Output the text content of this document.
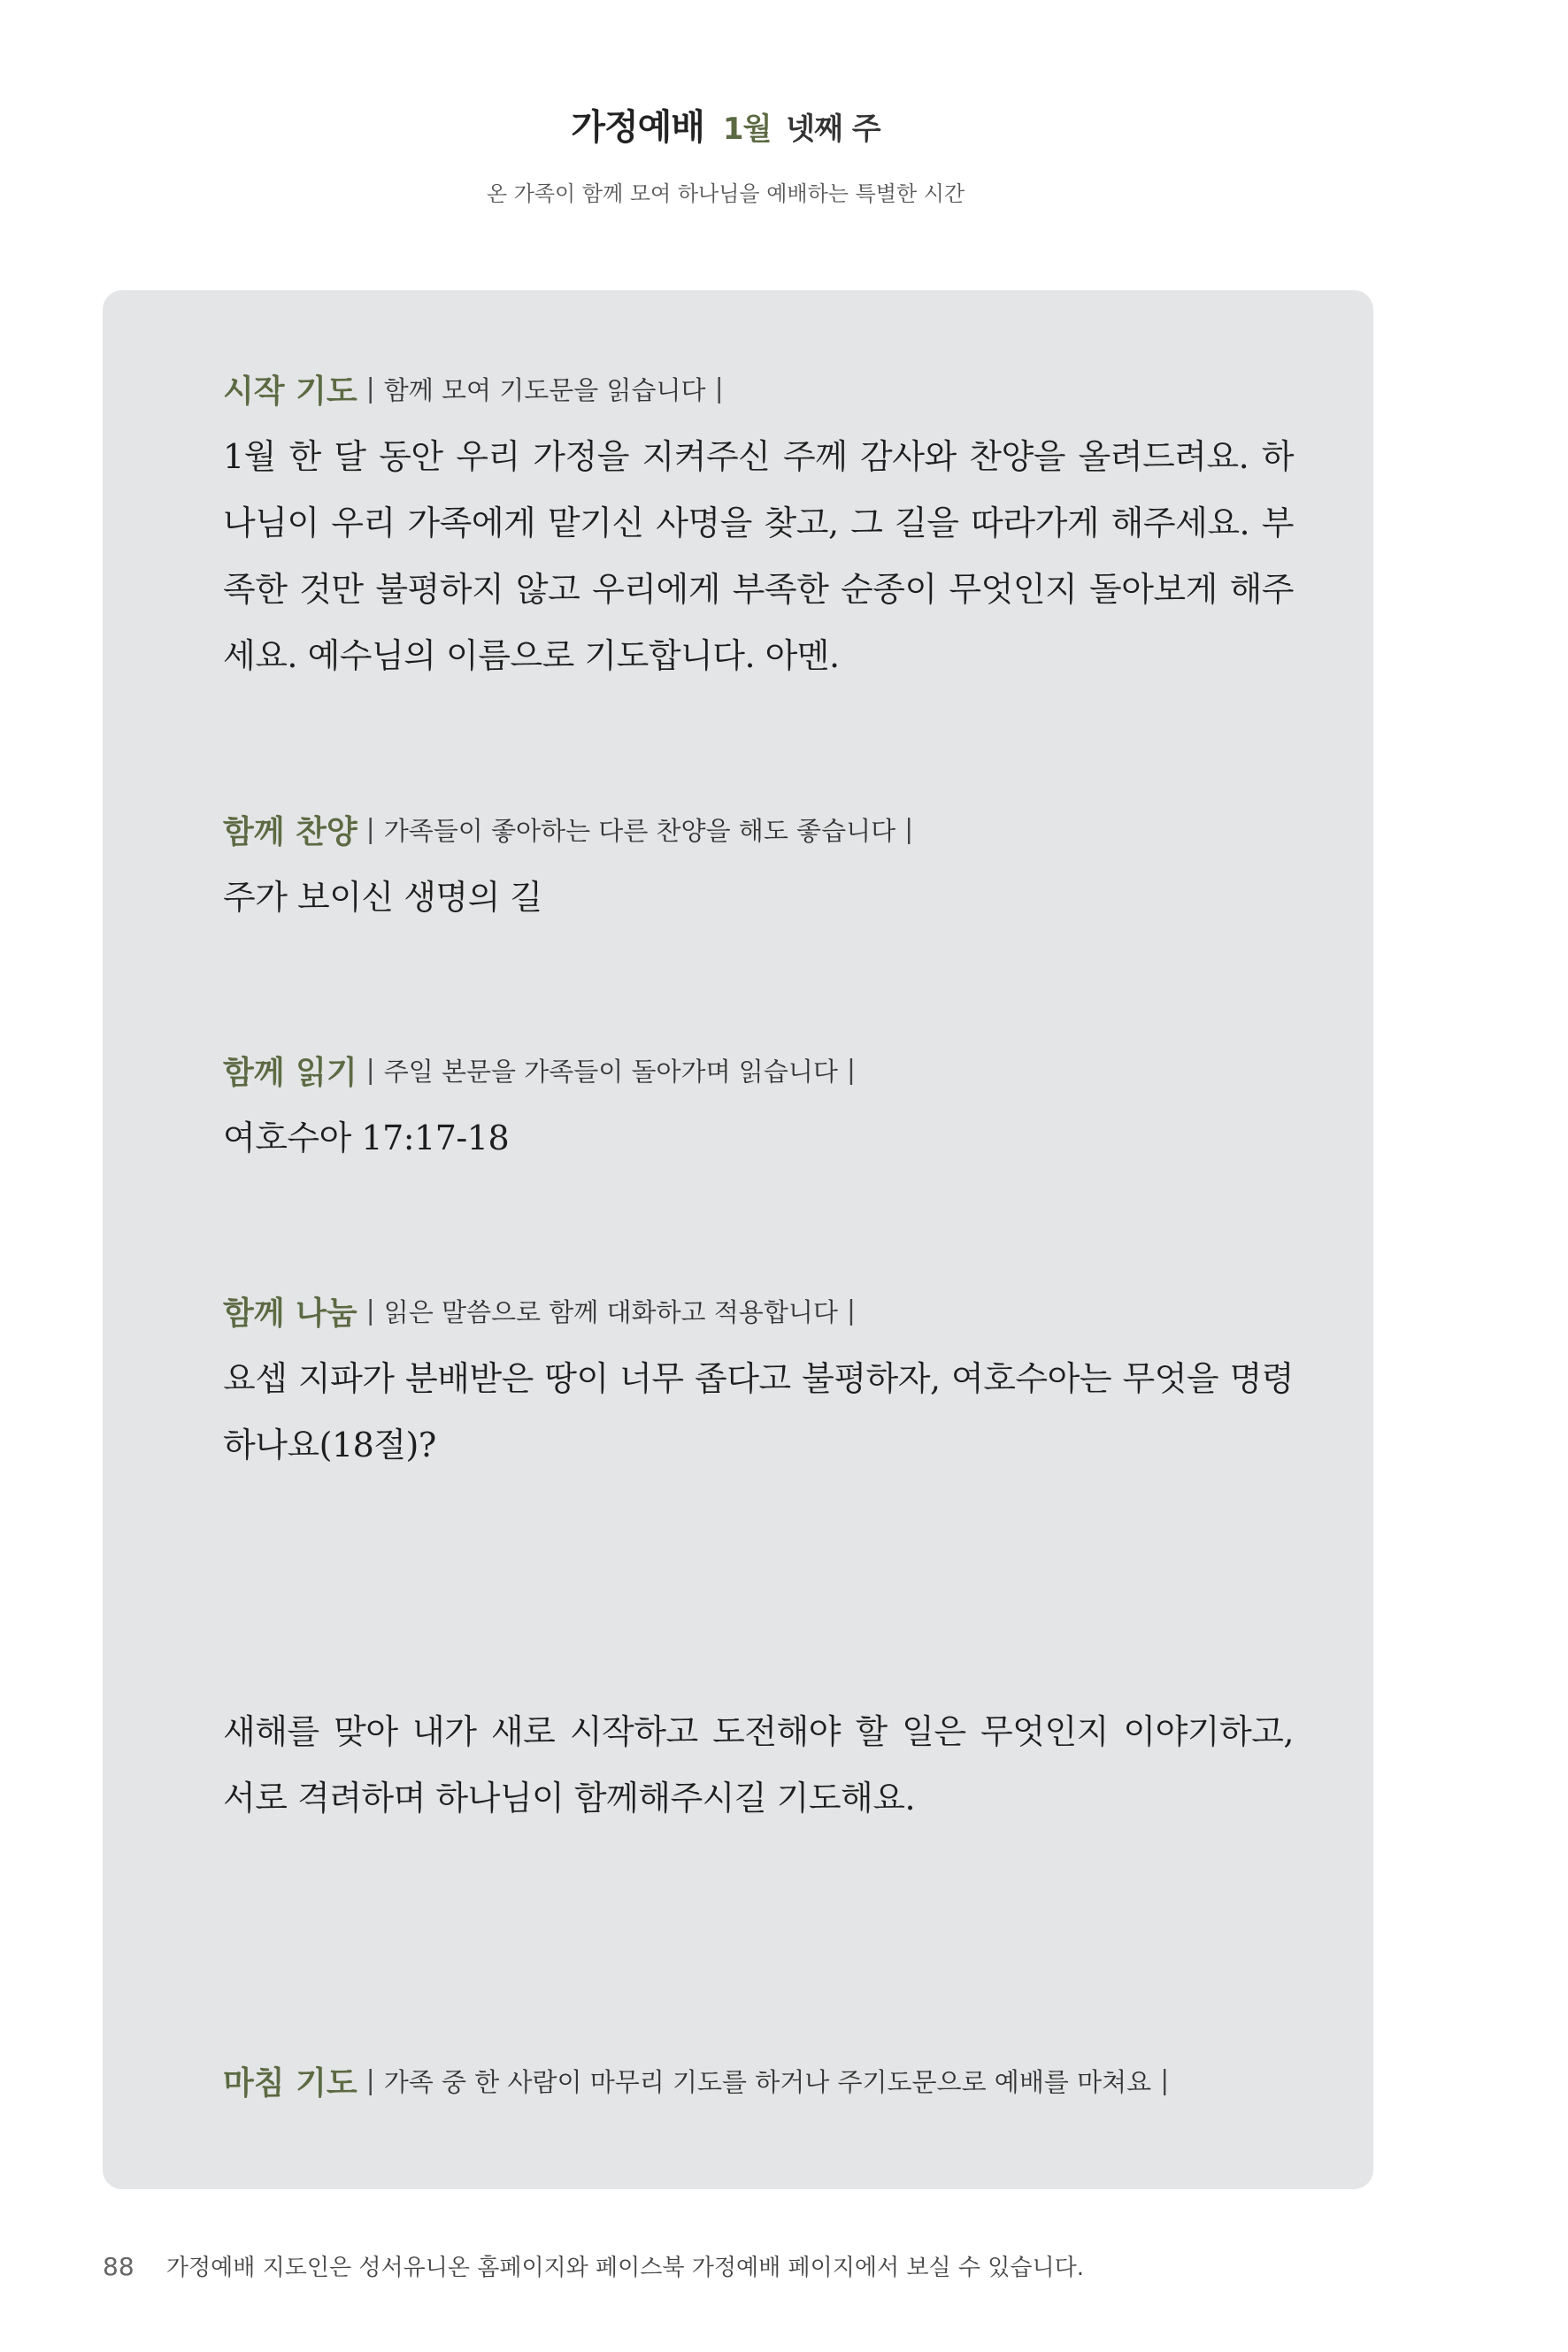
가정예배 1월 넷째 주
온 가족이 함께 모여 하나님을 예배하는 특별한 시간
시작 기도 | 함께 모여 기도문을 읽습니다 |
1월 한 달 동안 우리 가정을 지켜주신 주께 감사와 찬양을 올려드려요. 하나님이 우리 가족에게 맡기신 사명을 찾고, 그 길을 따라가게 해주세요. 부족한 것만 불평하지 않고 우리에게 부족한 순종이 무엇인지 돌아보게 해주세요. 예수님의 이름으로 기도합니다. 아멘.
함께 찬양 | 가족들이 좋아하는 다른 찬양을 해도 좋습니다 |
주가 보이신 생명의 길
함께 읽기 | 주일 본문을 가족들이 돌아가며 읽습니다 |
여호수아 17:17-18
함께 나눔 | 읽은 말씀으로 함께 대화하고 적용합니다 |
요셉 지파가 분배받은 땅이 너무 좁다고 불평하자, 여호수아는 무엇을 명령하나요(18절)?
새해를 맞아 내가 새로 시작하고 도전해야 할 일은 무엇인지 이야기하고, 서로 격려하며 하나님이 함께해주시길 기도해요.
마침 기도 | 가족 중 한 사람이 마무리 기도를 하거나 주기도문으로 예배를 마쳐요 |
88 가정예배 지도인은 성서유니온 홈페이지와 페이스북 가정예배 페이지에서 보실 수 있습니다.
